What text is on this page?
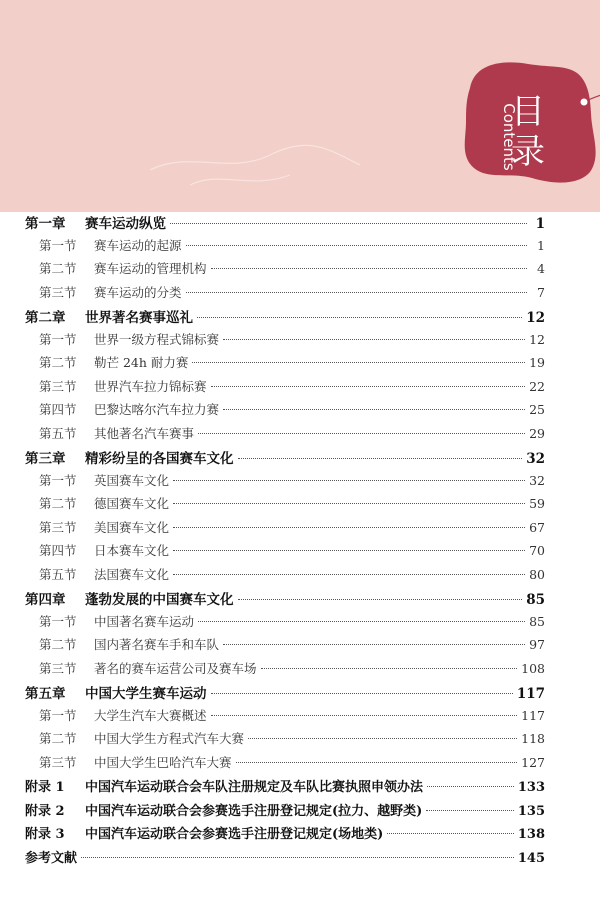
目录
Contents
第一章	赛车运动纵览	1
第一节	赛车运动的起源	1
第二节	赛车运动的管理机构	4
第三节	赛车运动的分类	7
第二章	世界著名赛事巡礼	12
第一节	世界一级方程式锦标赛	12
第二节	勒芒 24h 耐力赛	19
第三节	世界汽车拉力锦标赛	22
第四节	巴黎达喀尔汽车拉力赛	25
第五节	其他著名汽车赛事	29
第三章	精彩纷呈的各国赛车文化	32
第一节	英国赛车文化	32
第二节	德国赛车文化	59
第三节	美国赛车文化	67
第四节	日本赛车文化	70
第五节	法国赛车文化	80
第四章	蓬勃发展的中国赛车文化	85
第一节	中国著名赛车运动	85
第二节	国内著名赛车手和车队	97
第三节	著名的赛车运营公司及赛车场	108
第五章	中国大学生赛车运动	117
第一节	大学生汽车大赛概述	117
第二节	中国大学生方程式汽车大赛	118
第三节	中国大学生巴哈汽车大赛	127
附录 1	中国汽车运动联合会车队注册规定及车队比赛执照申领办法	133
附录 2	中国汽车运动联合会参赛选手注册登记规定(拉力、越野类)	135
附录 3	中国汽车运动联合会参赛选手注册登记规定(场地类)	138
参考文献	145
